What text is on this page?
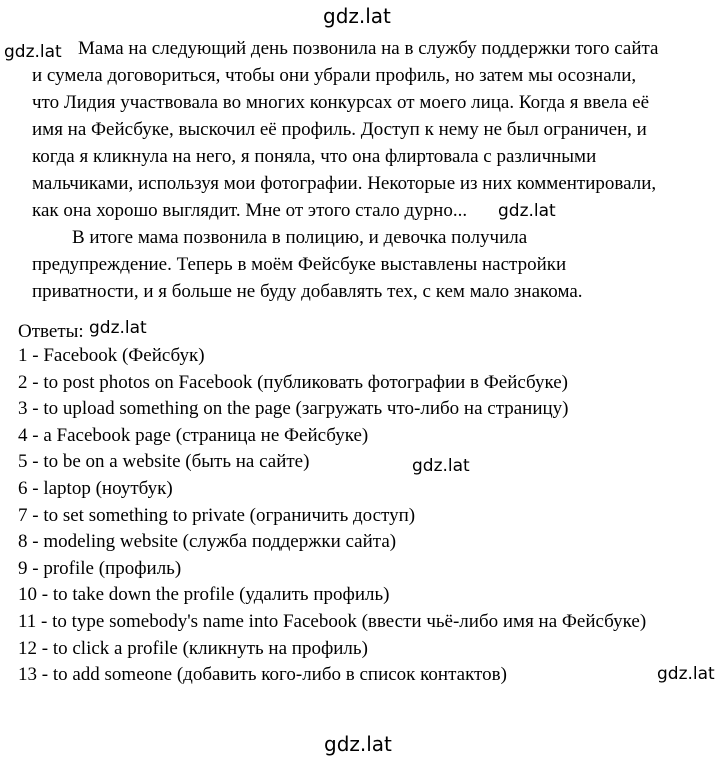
gdz.lat
gdz.lat
gdz.lat
gdz.lat
gdz.lat
gdz.lat
gdz.lat
Мама на следующий день позвонила на в службу поддержки того сайта
и сумела договориться, чтобы они убрали профиль, но затем мы осознали,
что Лидия участвовала во многих конкурсах от моего лица. Когда я ввела её
имя на Фейсбуке, выскочил её профиль. Доступ к нему не был ограничен, и
когда я кликнула на него, я поняла, что она флиртовала с различными
мальчиками, используя мои фотографии. Некоторые из них комментировали,
как она хорошо выглядит. Мне от этого стало дурно...
В итоге мама позвонила в полицию, и девочка получила
предупреждение. Теперь в моём Фейсбуке выставлены настройки
приватности, и я больше не буду добавлять тех, с кем мало знакома.
Ответы:
1 - Facebook (Фейсбук)
2 - to post photos on Facebook (публиковать фотографии в Фейсбуке)
3 - to upload something on the page (загружать что-либо на страницу)
4 - a Facebook page (страница не Фейсбуке)
5 - to be on a website (быть на сайте)
6 - laptop (ноутбук)
7 - to set something to private (ограничить доступ)
8 - modeling website (служба поддержки сайта)
9 - profile (профиль)
10 - to take down the profile (удалить профиль)
11 - to type somebody's name into Facebook (ввести чьё-либо имя на Фейсбуке)
12 - to click a profile (кликнуть на профиль)
13 - to add someone (добавить кого-либо в список контактов)
